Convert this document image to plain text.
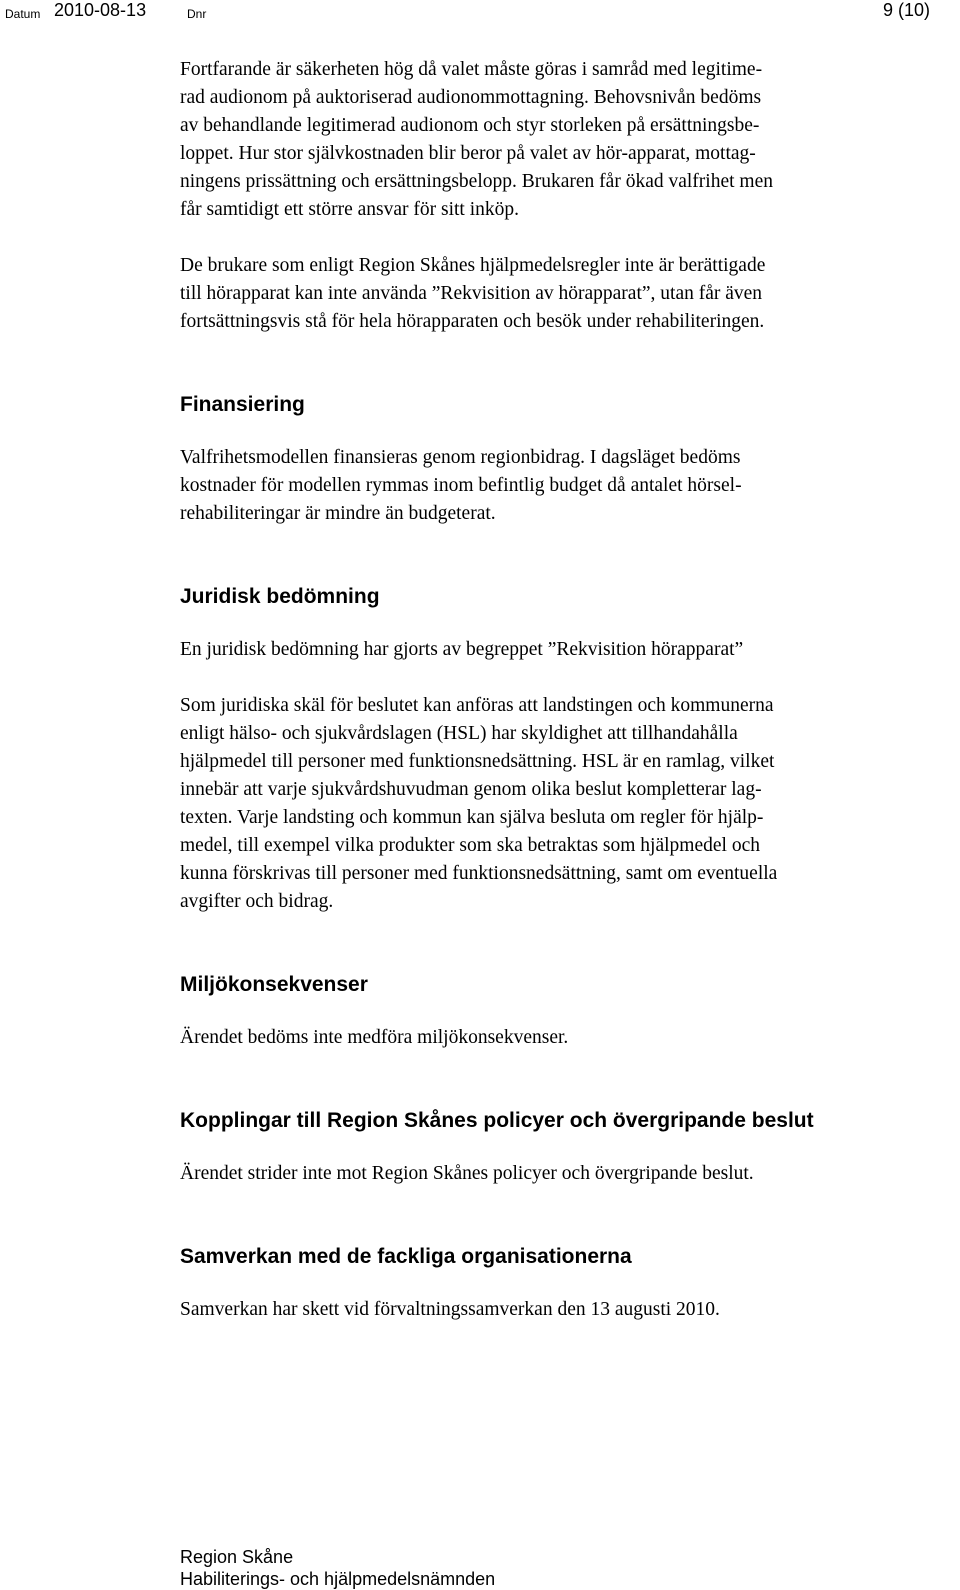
Datum 2010-08-13	Dnr	9 (10)

Fortfarande är säkerheten hög då valet måste göras i samråd med legitime-
rad audionom på auktoriserad audionommottagning. Behovsnivån bedöms
av behandlande legitimerad audionom och styr storleken på ersättningsbe-
loppet. Hur stor självkostnaden blir beror på valet av hör-apparat, mottag-
ningens prissättning och ersättningsbelopp. Brukaren får ökad valfrihet men
får samtidigt ett större ansvar för sitt inköp.

De brukare som enligt Region Skånes hjälpmedelsregler inte är berättigade
till hörapparat kan inte använda ”Rekvisition av hörapparat”, utan får även
fortsättningsvis stå för hela hörapparaten och besök under rehabiliteringen.

Finansiering

Valfrihetsmodellen finansieras genom regionbidrag. I dagsläget bedöms
kostnader för modellen rymmas inom befintlig budget då antalet hörsel-
rehabiliteringar är mindre än budgeterat.

Juridisk bedömning

En juridisk bedömning har gjorts av begreppet ”Rekvisition hörapparat”

Som juridiska skäl för beslutet kan anföras att landstingen och kommunerna
enligt hälso- och sjukvårdslagen (HSL) har skyldighet att tillhandahålla
hjälpmedel till personer med funktionsnedsättning. HSL är en ramlag, vilket
innebär att varje sjukvårdshuvudman genom olika beslut kompletterar lag-
texten. Varje landsting och kommun kan själva besluta om regler för hjälp-
medel, till exempel vilka produkter som ska betraktas som hjälpmedel och
kunna förskrivas till personer med funktionsnedsättning, samt om eventuella
avgifter och bidrag.

Miljökonsekvenser

Ärendet bedöms inte medföra miljökonsekvenser.

Kopplingar till Region Skånes policyer och övergripande beslut

Ärendet strider inte mot Region Skånes policyer och övergripande beslut.

Samverkan med de fackliga organisationerna

Samverkan har skett vid förvaltningssamverkan den 13 augusti 2010.

Region Skåne
Habiliterings- och hjälpmedelsnämnden
